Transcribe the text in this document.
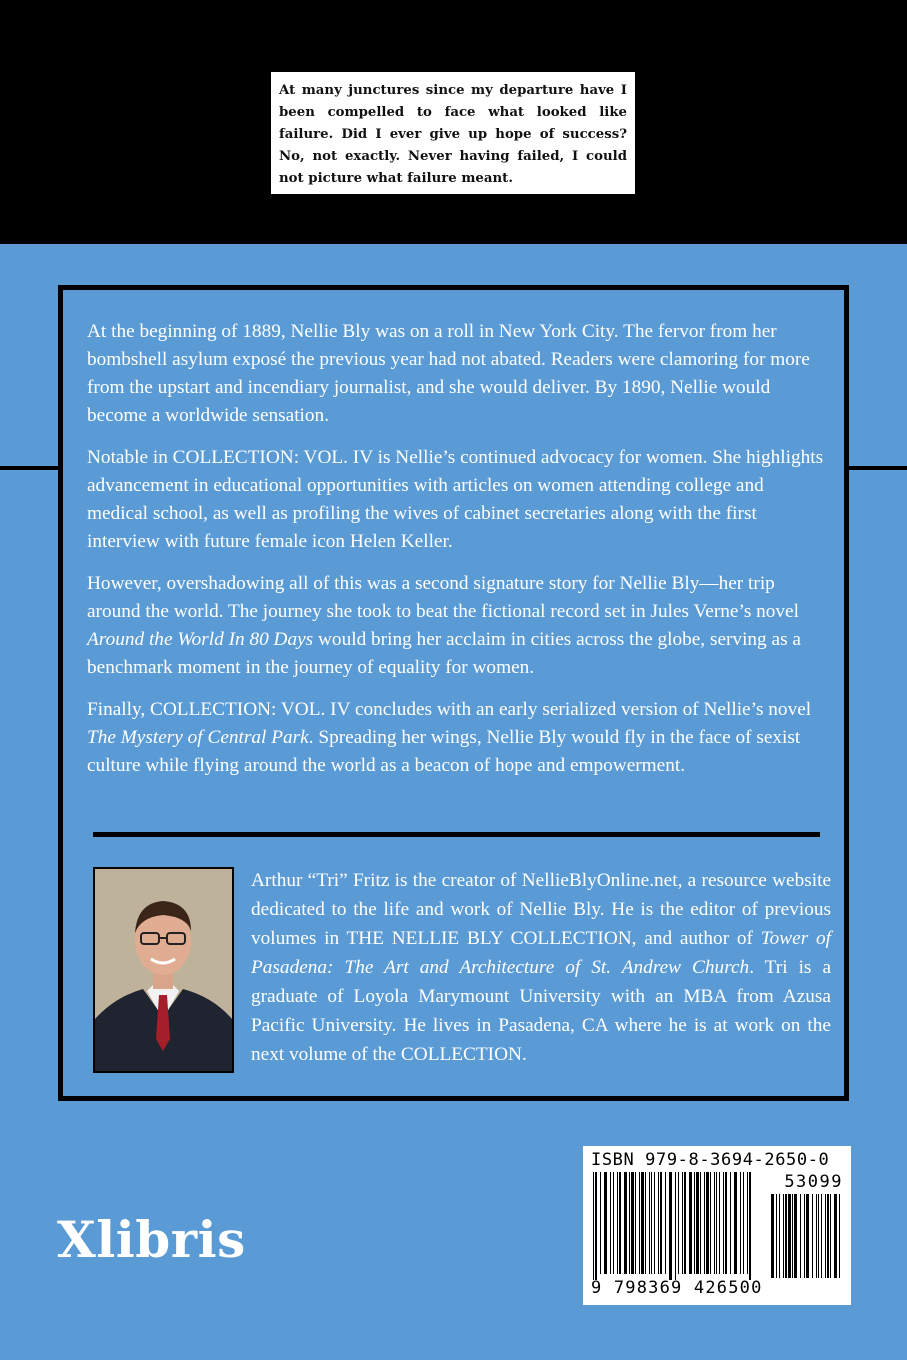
At many junctures since my departure have I been compelled to face what looked like failure. Did I ever give up hope of success? No, not exactly. Never having failed, I could not picture what failure meant.

At the beginning of 1889, Nellie Bly was on a roll in New York City. The fervor from her bombshell asylum exposé the previous year had not abated. Readers were clamoring for more from the upstart and incendiary journalist, and she would deliver. By 1890, Nellie would become a worldwide sensation.

Notable in COLLECTION: VOL. IV is Nellie’s continued advocacy for women. She highlights advancement in educational opportunities with articles on women attending college and medical school, as well as profiling the wives of cabinet secretaries along with the first interview with future female icon Helen Keller.

However, overshadowing all of this was a second signature story for Nellie Bly—her trip around the world. The journey she took to beat the fictional record set in Jules Verne’s novel Around the World In 80 Days would bring her acclaim in cities across the globe, serving as a benchmark moment in the journey of equality for women.

Finally, COLLECTION: VOL. IV concludes with an early serialized version of Nellie’s novel The Mystery of Central Park. Spreading her wings, Nellie Bly would fly in the face of sexist culture while flying around the world as a beacon of hope and empowerment.

Arthur “Tri” Fritz is the creator of NellieBlyOnline.net, a resource website dedicated to the life and work of Nellie Bly. He is the editor of previous volumes in THE NELLIE BLY COLLECTION, and author of Tower of Pasadena: The Art and Architecture of St. Andrew Church. Tri is a graduate of Loyola Marymount University with an MBA from Azusa Pacific University. He lives in Pasadena, CA where he is at work on the next volume of the COLLECTION.
Xlibris
ISBN 979-8-3694-2650-0
53099
9 798369 426500
